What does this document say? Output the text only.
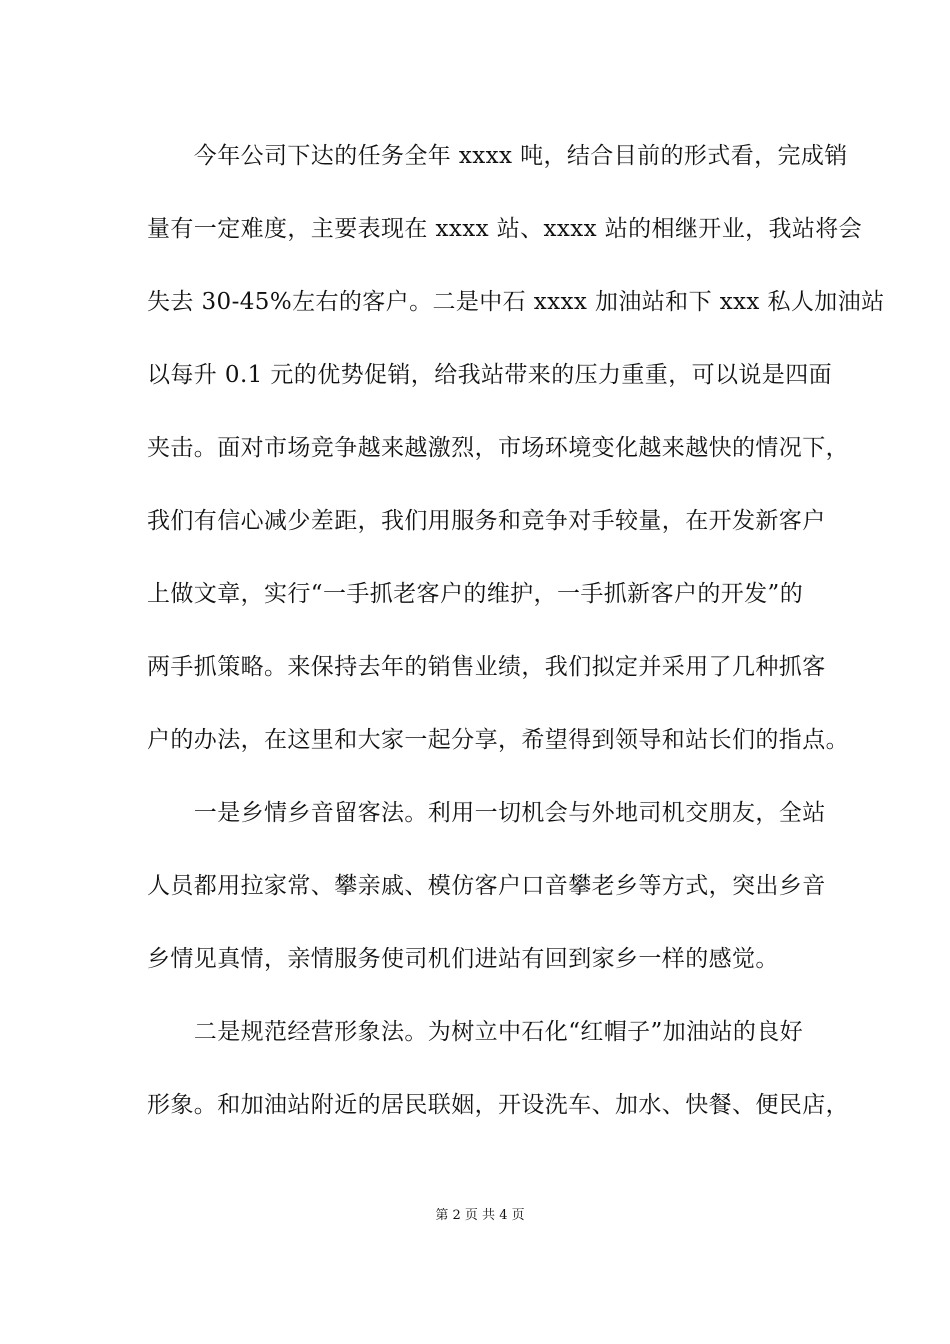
　　今年公司下达的任务全年 xxxx 吨，结合目前的形式看，完成销
量有一定难度，主要表现在 xxxx 站、xxxx 站的相继开业，我站将会
失去 30-45%左右的客户。二是中石 xxxx 加油站和下 xxx 私人加油站
以每升 0.1 元的优势促销，给我站带来的压力重重，可以说是四面
夹击。面对市场竞争越来越激烈，市场环境变化越来越快的情况下，
我们有信心减少差距，我们用服务和竞争对手较量，在开发新客户
上做文章，实行“一手抓老客户的维护，一手抓新客户的开发”的
两手抓策略。来保持去年的销售业绩，我们拟定并采用了几种抓客
户的办法，在这里和大家一起分享，希望得到领导和站长们的指点。
　　一是乡情乡音留客法。利用一切机会与外地司机交朋友，全站
人员都用拉家常、攀亲戚、模仿客户口音攀老乡等方式，突出乡音
乡情见真情，亲情服务使司机们进站有回到家乡一样的感觉。
　　二是规范经营形象法。为树立中石化“红帽子”加油站的良好
形象。和加油站附近的居民联姻，开设洗车、加水、快餐、便民店，
第 2 页 共 4 页
